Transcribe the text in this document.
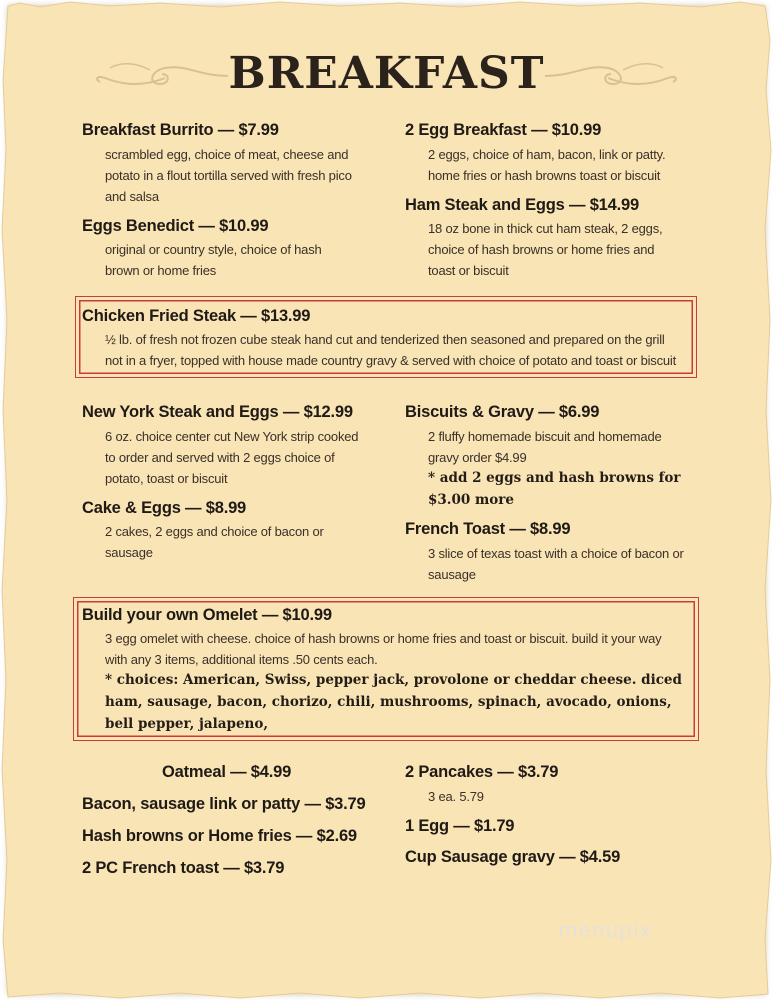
BREAKFAST
Breakfast Burrito — $7.99
scrambled egg, choice of meat, cheese and potato in a flout tortilla served with fresh pico and salsa
Eggs Benedict — $10.99
original or country style, choice of hash brown or home fries
2 Egg Breakfast — $10.99
2 eggs, choice of ham, bacon, link or patty. home fries or hash browns toast or biscuit
Ham Steak and Eggs — $14.99
18 oz bone in thick cut ham steak, 2 eggs, choice of hash browns or home fries and toast or biscuit
Chicken Fried Steak — $13.99
½ lb. of fresh not frozen cube steak hand cut and tenderized then seasoned and prepared on the grill not in a fryer, topped with house made country gravy & served with choice of potato and toast or biscuit
New York Steak and Eggs — $12.99
6 oz. choice center cut New York strip cooked to order and served with 2 eggs choice of potato, toast or biscuit
Cake & Eggs — $8.99
2 cakes, 2 eggs and choice of bacon or sausage
Biscuits & Gravy — $6.99
2 fluffy homemade biscuit and homemade gravy order $4.99
* add 2 eggs and hash browns for $3.00 more
French Toast — $8.99
3 slice of texas toast with a choice of bacon or sausage
Build your own Omelet — $10.99
3 egg omelet with cheese. choice of hash browns or home fries and toast or biscuit. build it your way with any 3 items, additional items .50 cents each.
* choices: American, Swiss, pepper jack, provolone or cheddar cheese. diced ham, sausage, bacon, chorizo, chili, mushrooms, spinach, avocado, onions, bell pepper, jalapeno,
Oatmeal — $4.99
Bacon, sausage link or patty — $3.79
Hash browns or Home fries — $2.69
2 PC French toast — $3.79
2 Pancakes — $3.79
3 ea. 5.79
1 Egg — $1.79
Cup Sausage gravy — $4.59
menupix
